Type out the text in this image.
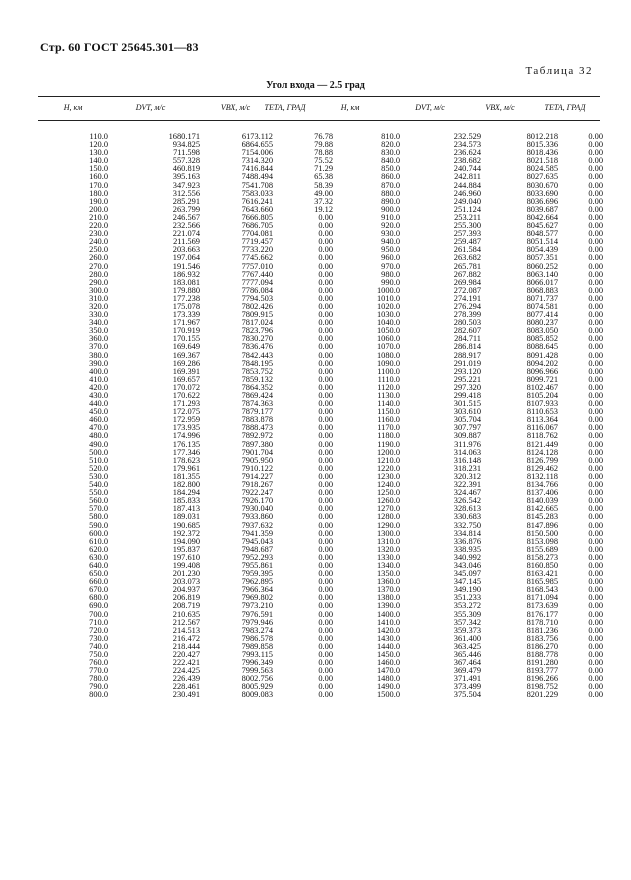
Стр. 60 ГОСТ 25645.301—83
Таблица 32
Угол входа — 2.5 град
Н, км	DVТ, м/с	VВХ, м/с	ТЕТА, ГРАД	Н, км	DVТ, м/с	VВХ, м/с	ТЕТА, ГРАД
110.0	1680.171	6173.112	76.78	810.0	232.529	8012.218	0.00
120.0	934.825	6864.655	79.88	820.0	234.573	8015.336	0.00
130.0	711.598	7154.006	78.88	830.0	236.624	8018.436	0.00
140.0	557.328	7314.320	75.52	840.0	238.682	8021.518	0.00
150.0	460.819	7416.844	71.29	850.0	240.744	8024.585	0.00
160.0	395.163	7488.494	65.38	860.0	242.811	8027.635	0.00
170.0	347.923	7541.708	58.39	870.0	244.884	8030.670	0.00
180.0	312.556	7583.033	49.00	880.0	246.960	8033.690	0.00
190.0	285.291	7616.241	37.32	890.0	249.040	8036.696	0.00
200.0	263.799	7643.660	19.12	900.0	251.124	8039.687	0.00
210.0	246.567	7666.805	0.00	910.0	253.211	8042.664	0.00
220.0	232.566	7686.705	0.00	920.0	255.300	8045.627	0.00
230.0	221.074	7704.081	0.00	930.0	257.393	8048.577	0.00
240.0	211.569	7719.457	0.00	940.0	259.487	8051.514	0.00
250.0	203.663	7733.220	0.00	950.0	261.584	8054.439	0.00
260.0	197.064	7745.662	0.00	960.0	263.682	8057.351	0.00
270.0	191.546	7757.010	0.00	970.0	265.781	8060.252	0.00
280.0	186.932	7767.440	0.00	980.0	267.882	8063.140	0.00
290.0	183.081	7777.094	0.00	990.0	269.984	8066.017	0.00
300.0	179.880	7786.084	0.00	1000.0	272.087	8068.883	0.00
310.0	177.238	7794.503	0.00	1010.0	274.191	8071.737	0.00
320.0	175.078	7802.426	0.00	1020.0	276.294	8074.581	0.00
330.0	173.339	7809.915	0.00	1030.0	278.399	8077.414	0.00
340.0	171.967	7817.024	0.00	1040.0	280.503	8080.237	0.00
350.0	170.919	7823.796	0.00	1050.0	282.607	8083.050	0.00
360.0	170.155	7830.270	0.00	1060.0	284.711	8085.852	0.00
370.0	169.649	7836.476	0.00	1070.0	286.814	8088.645	0.00
380.0	169.367	7842.443	0.00	1080.0	288.917	8091.428	0.00
390.0	169.286	7848.195	0.00	1090.0	291.019	8094.202	0.00
400.0	169.391	7853.752	0.00	1100.0	293.120	8096.966	0.00
410.0	169.657	7859.132	0.00	1110.0	295.221	8099.721	0.00
420.0	170.072	7864.352	0.00	1120.0	297.320	8102.467	0.00
430.0	170.622	7869.424	0.00	1130.0	299.418	8105.204	0.00
440.0	171.293	7874.363	0.00	1140.0	301.515	8107.933	0.00
450.0	172.075	7879.177	0.00	1150.0	303.610	8110.653	0.00
460.0	172.959	7883.878	0.00	1160.0	305.704	8113.364	0.00
470.0	173.935	7888.473	0.00	1170.0	307.797	8116.067	0.00
480.0	174.996	7892.972	0.00	1180.0	309.887	8118.762	0.00
490.0	176.135	7897.380	0.00	1190.0	311.976	8121.449	0.00
500.0	177.346	7901.704	0.00	1200.0	314.063	8124.128	0.00
510.0	178.623	7905.950	0.00	1210.0	316.148	8126.799	0.00
520.0	179.961	7910.122	0.00	1220.0	318.231	8129.462	0.00
530.0	181.355	7914.227	0.00	1230.0	320.312	8132.118	0.00
540.0	182.800	7918.267	0.00	1240.0	322.391	8134.766	0.00
550.0	184.294	7922.247	0.00	1250.0	324.467	8137.406	0.00
560.0	185.833	7926.170	0.00	1260.0	326.542	8140.039	0.00
570.0	187.413	7930.040	0.00	1270.0	328.613	8142.665	0.00
580.0	189.031	7933.860	0.00	1280.0	330.683	8145.283	0.00
590.0	190.685	7937.632	0.00	1290.0	332.750	8147.896	0.00
600.0	192.372	7941.359	0.00	1300.0	334.814	8150.500	0.00
610.0	194.090	7945.043	0.00	1310.0	336.876	8153.098	0.00
620.0	195.837	7948.687	0.00	1320.0	338.935	8155.689	0.00
630.0	197.610	7952.293	0.00	1330.0	340.992	8158.273	0.00
640.0	199.408	7955.861	0.00	1340.0	343.046	8160.850	0.00
650.0	201.230	7959.395	0.00	1350.0	345.097	8163.421	0.00
660.0	203.073	7962.895	0.00	1360.0	347.145	8165.985	0.00
670.0	204.937	7966.364	0.00	1370.0	349.190	8168.543	0.00
680.0	206.819	7969.802	0.00	1380.0	351.233	8171.094	0.00
690.0	208.719	7973.210	0.00	1390.0	353.272	8173.639	0.00
700.0	210.635	7976.591	0.00	1400.0	355.309	8176.177	0.00
710.0	212.567	7979.946	0.00	1410.0	357.342	8178.710	0.00
720.0	214.513	7983.274	0.00	1420.0	359.373	8181.236	0.00
730.0	216.472	7986.578	0.00	1430.0	361.400	8183.756	0.00
740.0	218.444	7989.858	0.00	1440.0	363.425	8186.270	0.00
750.0	220.427	7993.115	0.00	1450.0	365.446	8188.778	0.00
760.0	222.421	7996.349	0.00	1460.0	367.464	8191.280	0.00
770.0	224.425	7999.563	0.00	1470.0	369.479	8193.777	0.00
780.0	226.439	8002.756	0.00	1480.0	371.491	8196.266	0.00
790.0	228.461	8005.929	0.00	1490.0	373.499	8198.752	0.00
800.0	230.491	8009.083	0.00	1500.0	375.504	8201.229	0.00
